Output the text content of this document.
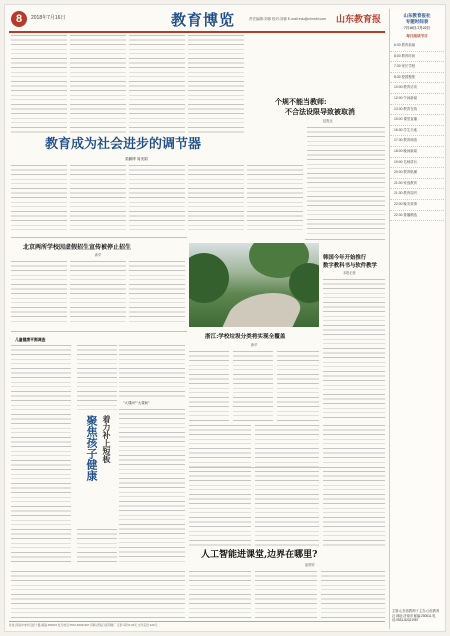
8	2018年7月16日	教育博览	责任编辑:刘蓉 校对:刘蓉 E-mail:edu@zhnnbl.com 山东教育报
教育成为社会进步的调节器
梁鹏博 周美娟
北京两所学校因虚假招生宣传被停止招生
新华
浙江:学校垃圾分类将实现全覆盖
新华
个规不能当教师:
不合法设限导致被取消
赵胜达
韩国今年开始推行
数字教科书与软件教学
本报记者
儿童健康平衡调查
聚焦孩子健康 着力补上短板
"大课间""大课间"
人工智能进课堂,边界在哪里?
崔婷婷
山东教育报社
专题时间表
7月16日-7月22日
每日阅读节目
6:00 教育新闻
8:00 教育时间
7:30 家长学校
8:30 校园聚焦
10:00 教育访谈
12:00 午间新闻
13:30 教育在线
15:00 课堂直播
16:30 学生天地
17:30 教育调查
18:00 晚间新闻
19:00 名师讲坛
20:00 教育纵横
21:00 家庭教育
21:30 教育周刊
22:00 晚安故事
22:30 重播精选
主管:山东省教育厅 主办:山东教育社 地址:济南市 邮编:250011 电话:0531-82021967
社址:济南市市中区经十路 邮编:250001 发行电话:0531-82021967 印刷:济南日报印刷厂 定价:每份1.00元 全年定价:120元
